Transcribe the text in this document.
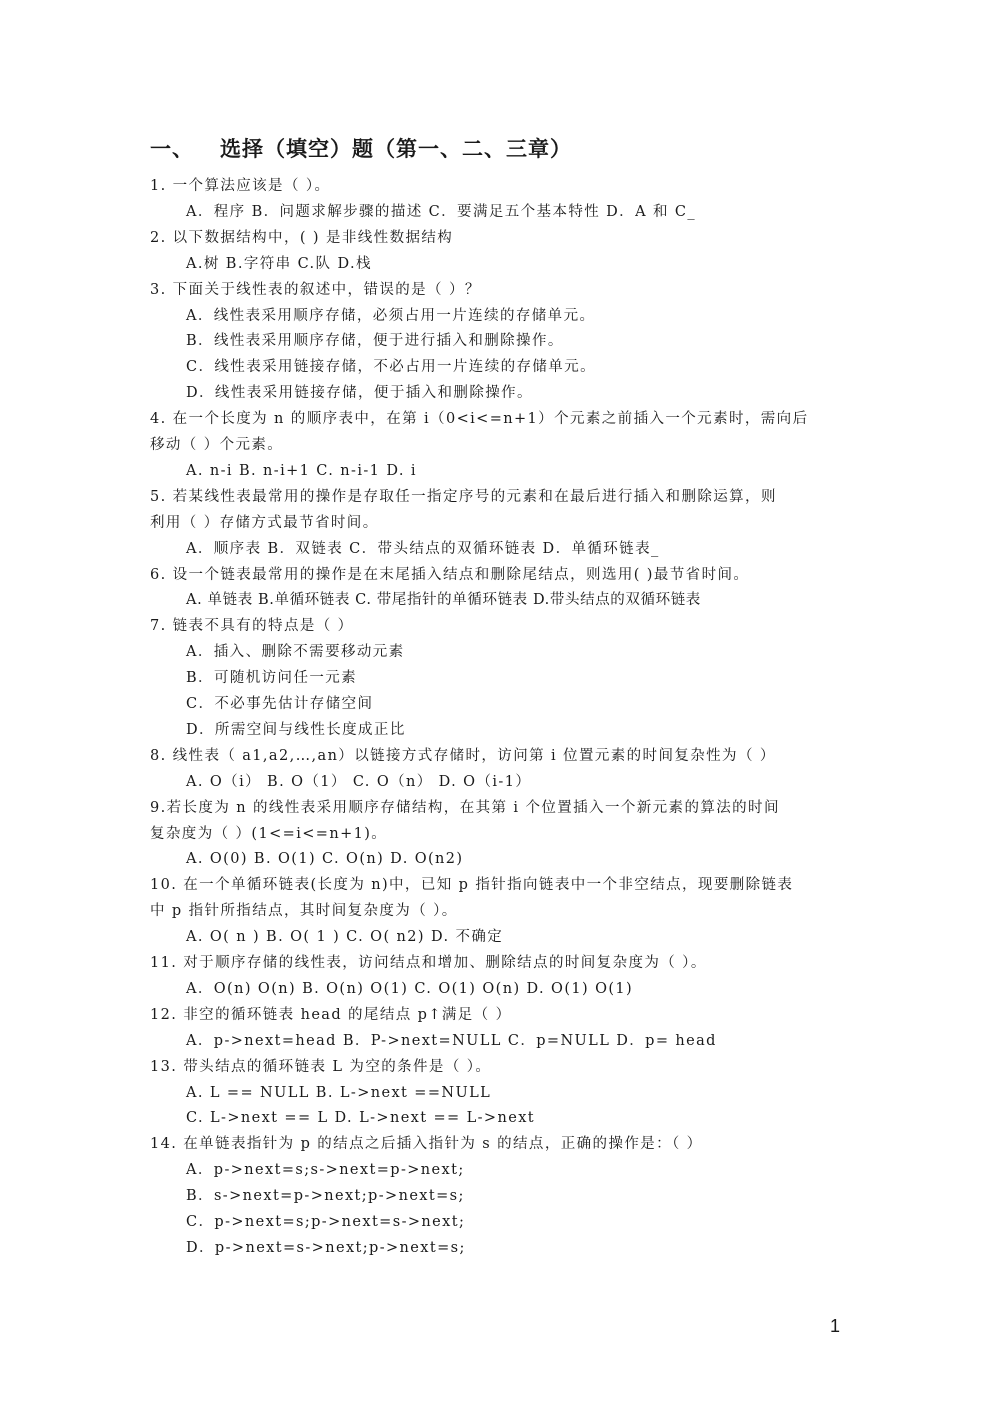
一、 选择（填空）题（第一、二、三章）
1. 一个算法应该是（ ）。
A．程序 B．问题求解步骤的描述 C．要满足五个基本特性 D．A 和 C_
2. 以下数据结构中，( ) 是非线性数据结构
A.树 B.字符串 C.队 D.栈
3. 下面关于线性表的叙述中，错误的是（ ）？
A．线性表采用顺序存储，必须占用一片连续的存储单元。
B．线性表采用顺序存储，便于进行插入和删除操作。
C．线性表采用链接存储，不必占用一片连续的存储单元。
D．线性表采用链接存储，便于插入和删除操作。
4. 在一个长度为 n 的顺序表中，在第 i（0<i<=n+1）个元素之前插入一个元素时，需向后
移动（ ）个元素。
A. n-i B. n-i+1 C. n-i-1 D. i
5. 若某线性表最常用的操作是存取任一指定序号的元素和在最后进行插入和删除运算，则
利用（ ）存储方式最节省时间。
A．顺序表 B．双链表 C．带头结点的双循环链表 D．单循环链表_
6. 设一个链表最常用的操作是在末尾插入结点和删除尾结点，则选用( )最节省时间。
A. 单链表 B.单循环链表 C. 带尾指针的单循环链表 D.带头结点的双循环链表
7. 链表不具有的特点是（ ）
A．插入、删除不需要移动元素
B．可随机访问任一元素
C．不必事先估计存储空间
D．所需空间与线性长度成正比
8. 线性表（ a1,a2,…,an）以链接方式存储时，访问第 i 位置元素的时间复杂性为（ ）
A. O（i） B. O（1） C. O（n） D. O（i-1）
9.若长度为 n 的线性表采用顺序存储结构，在其第 i 个位置插入一个新元素的算法的时间
复杂度为（ ）(1<=i<=n+1)。
A. O(0) B. O(1) C. O(n) D. O(n2)
10. 在一个单循环链表(长度为 n)中，已知 p 指针指向链表中一个非空结点，现要删除链表
中 p 指针所指结点，其时间复杂度为（ ）。
A. O( n ) B. O( 1 ) C. O( n2) D. 不确定
11. 对于顺序存储的线性表，访问结点和增加、删除结点的时间复杂度为（ ）。
A．O(n) O(n) B. O(n) O(1) C. O(1) O(n) D. O(1) O(1)
12. 非空的循环链表 head 的尾结点 p↑满足（ ）
A．p->next=head B．P->next=NULL C．p=NULL D．p= head
13. 带头结点的循环链表 L 为空的条件是（ ）。
A. L == NULL B. L->next ==NULL
C. L->next == L D. L->next == L->next
14. 在单链表指针为 p 的结点之后插入指针为 s 的结点，正确的操作是：（ ）
A．p->next=s;s->next=p->next;
B．s->next=p->next;p->next=s;
C．p->next=s;p->next=s->next;
D．p->next=s->next;p->next=s;
1
